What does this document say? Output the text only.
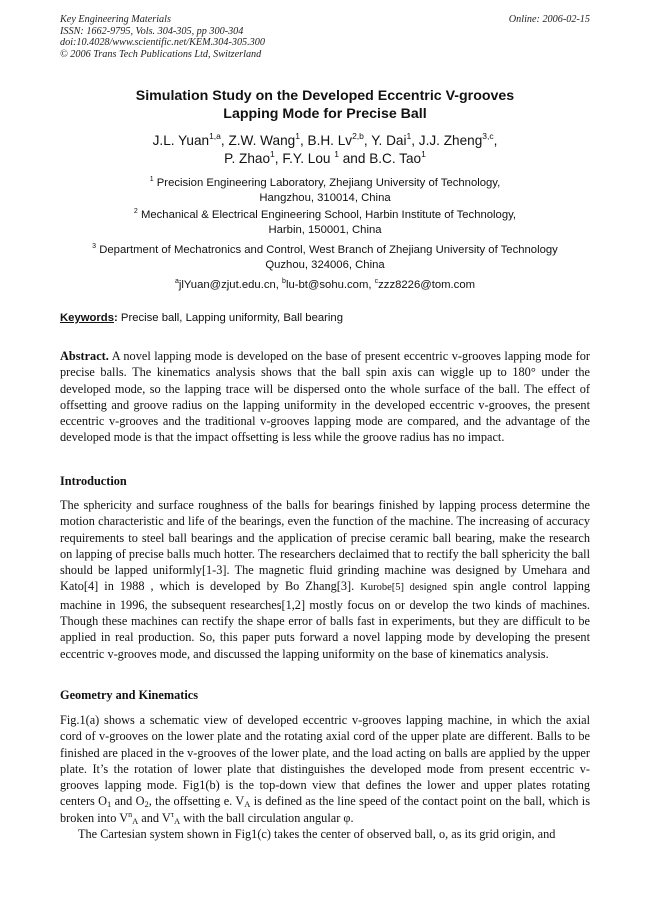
Key Engineering Materials
ISSN: 1662-9795, Vols. 304-305, pp 300-304
doi:10.4028/www.scientific.net/KEM.304-305.300
© 2006 Trans Tech Publications Ltd, Switzerland
Online: 2006-02-15
Simulation Study on the Developed Eccentric V-grooves
Lapping Mode for Precise Ball
J.L. Yuan$^{1,a}$, Z.W. Wang$^1$, B.H. Lv$^{2,b}$, Y. Dai$^1$, J.J. Zheng$^{3,c}$,
P. Zhao$^1$, F.Y. Lou $^1$ and B.C. Tao$^1$
$^1$ Precision Engineering Laboratory, Zhejiang University of Technology,
Hangzhou, 310014, China
$^2$ Mechanical & Electrical Engineering School, Harbin Institute of Technology,
Harbin, 150001, China
$^3$ Department of Mechatronics and Control, West Branch of Zhejiang University of Technology
Quzhou, 324006, China
$^a$jlYuan@zjut.edu.cn, $^b$lu-bt@sohu.com, $^c$zzz8226@tom.com
Keywords: Precise ball, Lapping uniformity, Ball bearing

Abstract. A novel lapping mode is developed on the base of present eccentric v-grooves lapping mode for precise balls. The kinematics analysis shows that the ball spin axis can wiggle up to 180° under the developed mode, so the lapping trace will be dispersed onto the whole surface of the ball. The effect of offsetting and groove radius on the lapping uniformity in the developed eccentric v-grooves, the present eccentric v-grooves and the traditional v-grooves lapping mode are compared, and the advantage of the developed mode is that the impact offsetting is less while the groove radius has no impact.

Introduction

The sphericity and surface roughness of the balls for bearings finished by lapping process determine the motion characteristic and life of the bearings, even the function of the machine. The increasing of accuracy requirements to steel ball bearings and the application of precise ceramic ball bearing, make the research on lapping of precise balls much hotter. The researchers declaimed that to rectify the ball sphericity the ball should be lapped uniformly[1-3]. The magnetic fluid grinding machine was designed by Umehara and Kato[4] in 1988 , which is developed by Bo Zhang[3]. Kurobe[5] designed spin angle control lapping machine in 1996, the subsequent researches[1,2] mostly focus on or develop the two kinds of machines. Though these machines can rectify the shape error of balls fast in experiments, but they are difficult to be applied in real production. So, this paper puts forward a novel lapping mode by developing the present eccentric v-grooves mode, and discussed the lapping uniformity on the base of kinematics analysis.

Geometry and Kinematics

Fig.1(a) shows a schematic view of developed eccentric v-grooves lapping machine, in which the axial cord of v-grooves on the lower plate and the rotating axial cord of the upper plate are different. Balls to be finished are placed in the v-grooves of the lower plate, and the load acting on balls are applied by the upper plate. It’s the rotation of lower plate that distinguishes the developed mode from present eccentric v-grooves lapping mode. Fig1(b) is the top-down view that defines the lower and upper plates rotating centers $O_1$ and $O_2$, the offsetting e. $V_A$ is defined as the line speed of the contact point on the ball, which is broken into $V^n_A$ and $V^\tau_A$ with the ball circulation angular φ.

The Cartesian system shown in Fig1(c) takes the center of observed ball, o, as its grid origin, and
